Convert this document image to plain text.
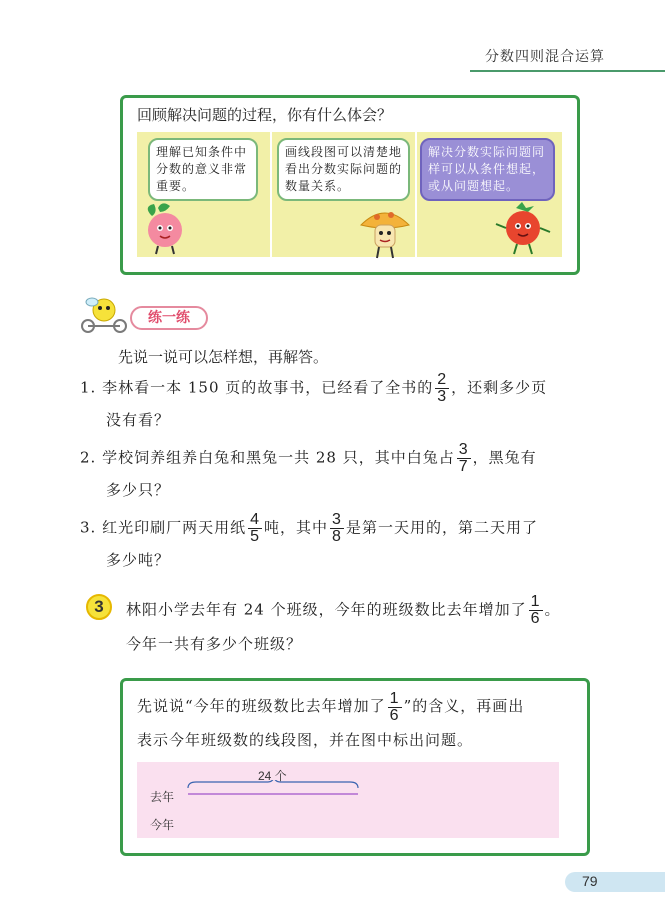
分数四则混合运算
回顾解决问题的过程，你有什么体会？
理解已知条件中分数的意义非常重要。
画线段图可以清楚地看出分数实际问题的数量关系。
解决分数实际问题同样可以从条件想起，或从问题想起。
练一练
先说一说可以怎样想，再解答。
1. 李林看一本 150 页的故事书，已经看了全书的 $\frac{2}{3}$ ，还剩多少页
没有看？
2. 学校饲养组养白兔和黑兔一共 28 只，其中白兔占 $\frac{3}{7}$ ，黑兔有
多少只？
3. 红光印刷厂两天用纸 $\frac{4}{5}$ 吨，其中 $\frac{3}{8}$ 是第一天用的，第二天用了
多少吨？
3	林阳小学去年有 24 个班级，今年的班级数比去年增加了 $\frac{1}{6}$ 。
今年一共有多少个班级？
先说说“今年的班级数比去年增加了 $\frac{1}{6}$ ”的含义，再画出
表示今年班级数的线段图，并在图中标出问题。
24 个
去年
今年
79
